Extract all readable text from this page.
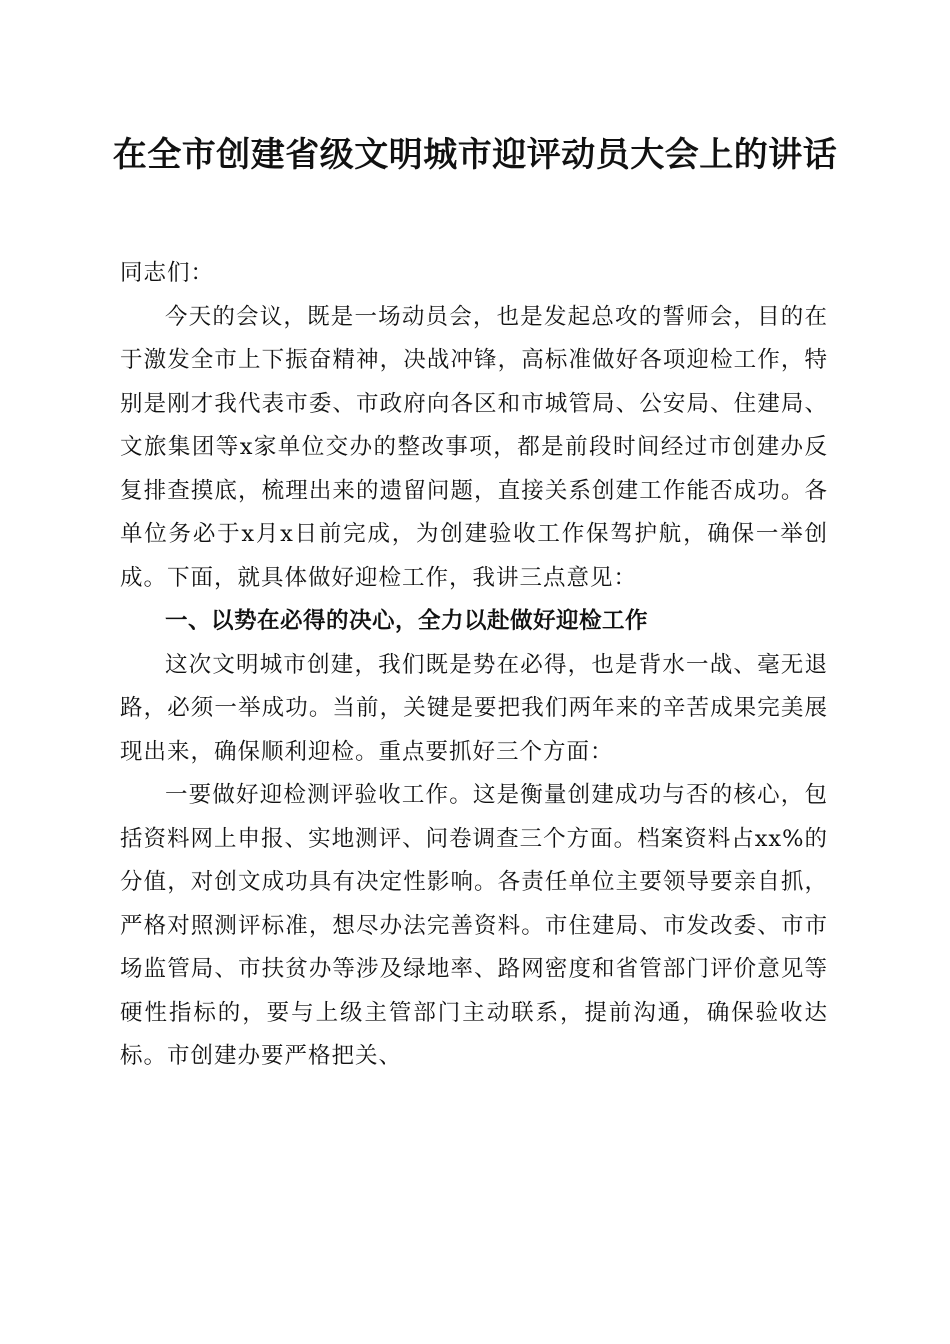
在全市创建省级文明城市迎评动员大会上的讲话

同志们：

今天的会议，既是一场动员会，也是发起总攻的誓师会，目的在于激发全市上下振奋精神，决战冲锋，高标准做好各项迎检工作，特别是刚才我代表市委、市政府向各区和市城管局、公安局、住建局、文旅集团等x家单位交办的整改事项，都是前段时间经过市创建办反复排查摸底，梳理出来的遗留问题，直接关系创建工作能否成功。各单位务必于x月x日前完成，为创建验收工作保驾护航，确保一举创成。下面，就具体做好迎检工作，我讲三点意见：

一、以势在必得的决心，全力以赴做好迎检工作

这次文明城市创建，我们既是势在必得，也是背水一战、毫无退路，必须一举成功。当前，关键是要把我们两年来的辛苦成果完美展现出来，确保顺利迎检。重点要抓好三个方面：

一要做好迎检测评验收工作。这是衡量创建成功与否的核心，包括资料网上申报、实地测评、问卷调查三个方面。档案资料占xx%的分值，对创文成功具有决定性影响。各责任单位主要领导要亲自抓，严格对照测评标准，想尽办法完善资料。市住建局、市发改委、市市场监管局、市扶贫办等涉及绿地率、路网密度和省管部门评价意见等硬性指标的，要与上级主管部门主动联系，提前沟通，确保验收达标。市创建办要严格把关、
